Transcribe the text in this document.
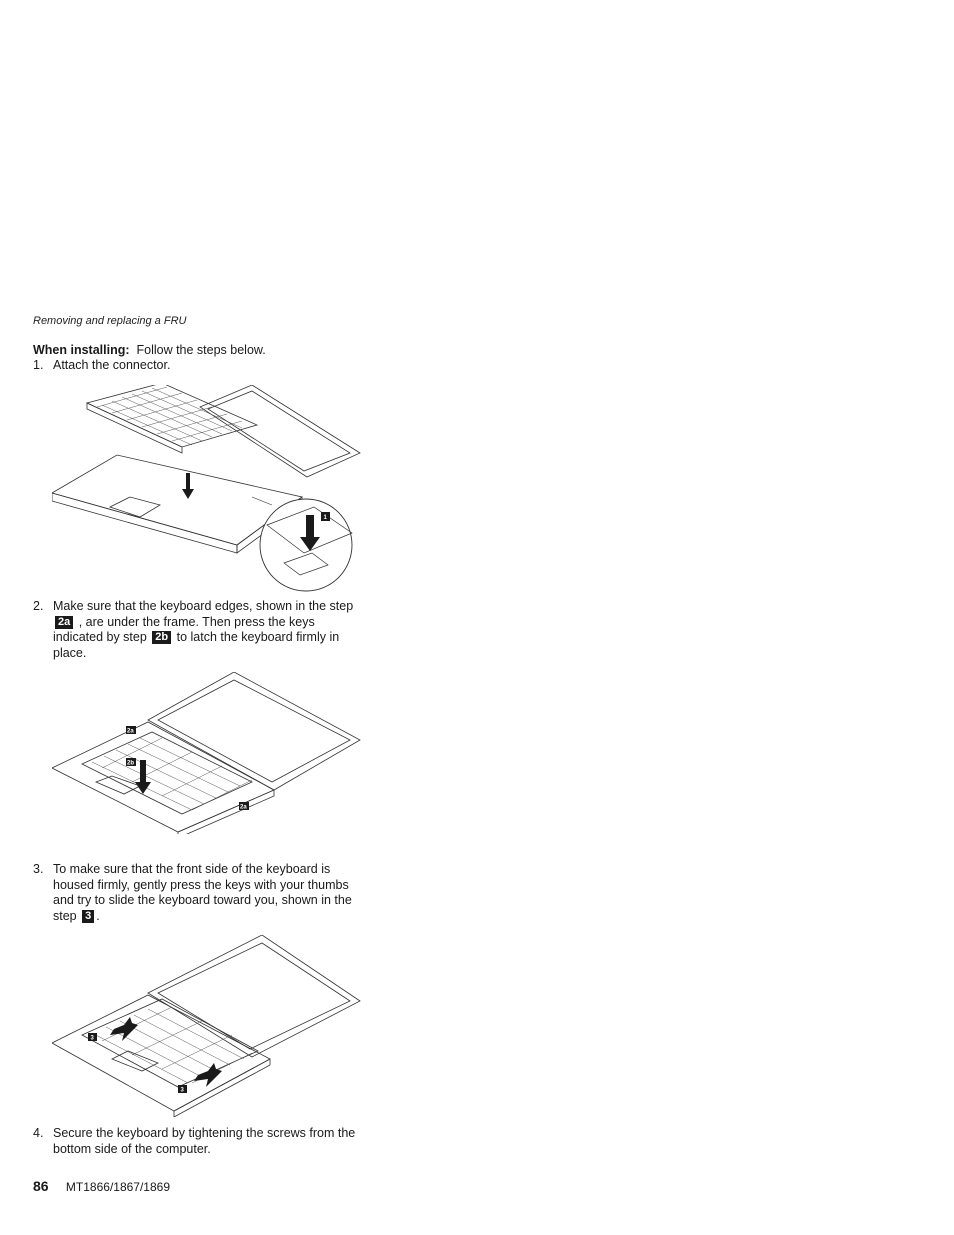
Removing and replacing a FRU
When installing: Follow the steps below.
1. Attach the connector.
1
2. Make sure that the keyboard edges, shown in the step
2a , are under the frame. Then press the keys indicated by step 2b to latch the keyboard firmly in place.
2a
2b
2a
3. To make sure that the front side of the keyboard is housed firmly, gently press the keys with your thumbs and try to slide the keyboard toward you, shown in the step 3 .
3
3
4. Secure the keyboard by tightening the screws from the bottom side of the computer.
86 MT1866/1867/1869
